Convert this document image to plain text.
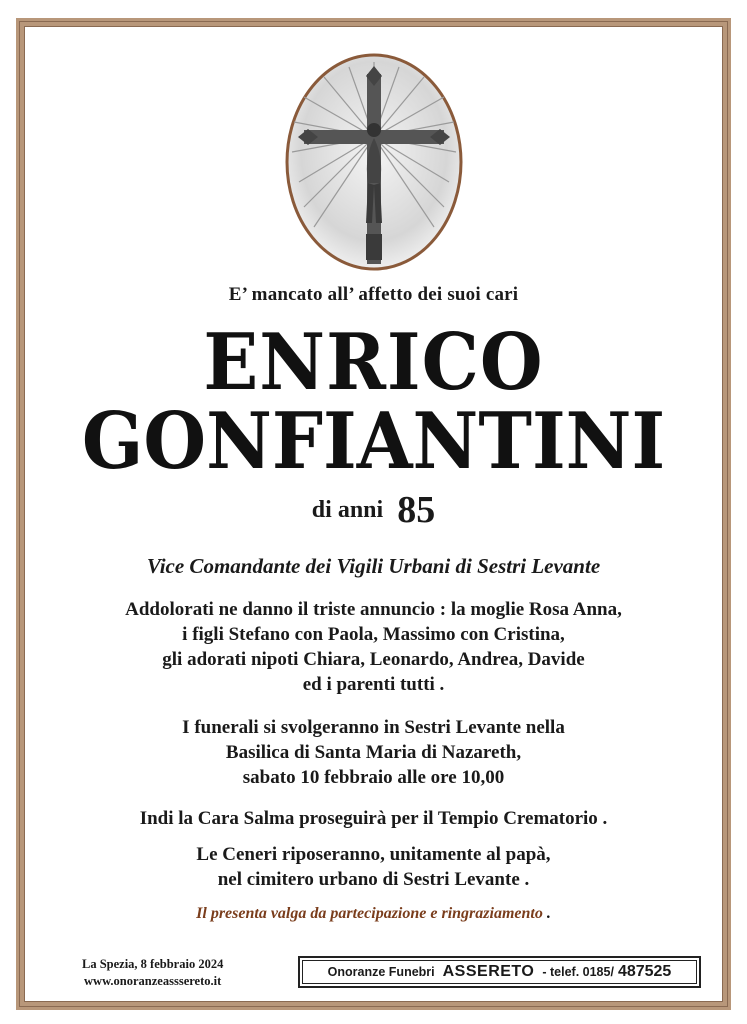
E’ mancato all’ affetto dei suoi cari
ENRICO
GONFIANTINI
di anni 85
Vice Comandante dei Vigili Urbani di Sestri Levante
Addolorati ne danno il triste annuncio : la moglie Rosa Anna,
i figli Stefano con Paola, Massimo con Cristina,
gli adorati nipoti Chiara, Leonardo, Andrea, Davide
ed i parenti tutti .
I funerali si svolgeranno in Sestri Levante nella
Basilica di Santa Maria di Nazareth,
sabato 10 febbraio alle ore 10,00
Indi la Cara Salma proseguirà per il Tempio Crematorio .
Le Ceneri riposeranno, unitamente al papà,
nel cimitero urbano di Sestri Levante .
Il presenta valga da partecipazione e ringraziamento .
La Spezia, 8 febbraio 2024
www.onoranzeasssereto.it
Onoranze Funebri ASSERETO - telef. 0185/ 487525
